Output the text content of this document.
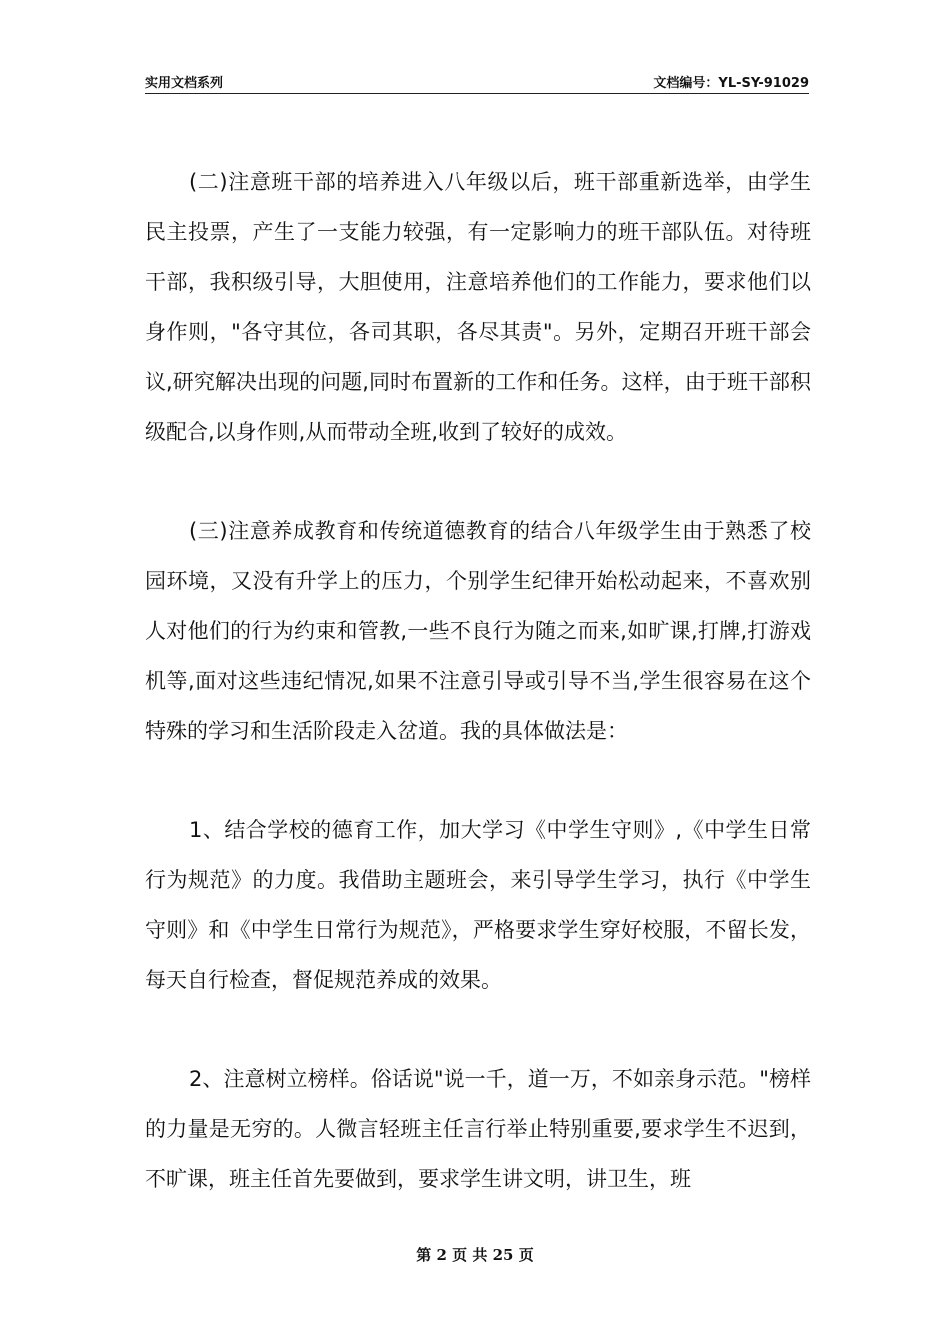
实用文档系列	文档编号：YL-SY-91029

(二)注意班干部的培养进入八年级以后，班干部重新选举，由学生民主投票，产生了一支能力较强，有一定影响力的班干部队伍。对待班干部，我积级引导，大胆使用，注意培养他们的工作能力，要求他们以身作则，"各守其位，各司其职，各尽其责"。另外，定期召开班干部会议,研究解决出现的问题,同时布置新的工作和任务。这样，由于班干部积级配合,以身作则,从而带动全班,收到了较好的成效。

(三)注意养成教育和传统道德教育的结合八年级学生由于熟悉了校园环境，又没有升学上的压力，个别学生纪律开始松动起来，不喜欢别人对他们的行为约束和管教,一些不良行为随之而来,如旷课,打牌,打游戏机等,面对这些违纪情况,如果不注意引导或引导不当,学生很容易在这个特殊的学习和生活阶段走入岔道。我的具体做法是：

1、结合学校的德育工作，加大学习《中学生守则》,《中学生日常行为规范》的力度。我借助主题班会，来引导学生学习，执行《中学生守则》和《中学生日常行为规范》，严格要求学生穿好校服，不留长发，每天自行检查，督促规范养成的效果。

2、注意树立榜样。俗话说"说一千，道一万，不如亲身示范。"榜样的力量是无穷的。人微言轻班主任言行举止特别重要,要求学生不迟到，不旷课，班主任首先要做到，要求学生讲文明，讲卫生，班

第 2 页 共 25 页
